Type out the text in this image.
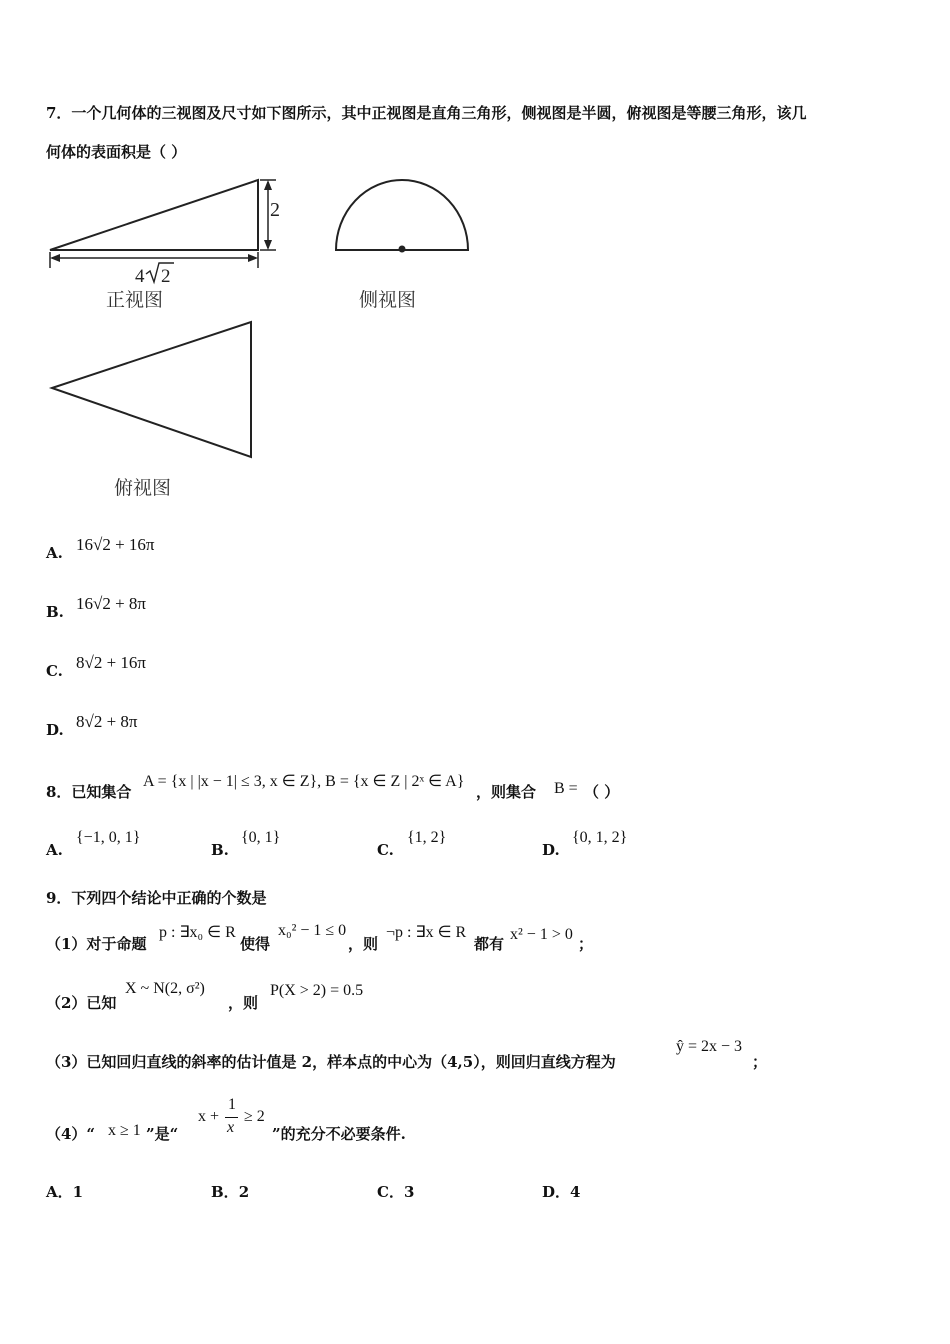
7．一个几何体的三视图及尺寸如下图所示，其中正视图是直角三角形，侧视图是半圆，俯视图是等腰三角形，该几
何体的表面积是（ ）
2
4 2
正视图	侧视图
俯视图
A. 16√2 + 16π
B. 16√2 + 8π
C. 8√2 + 16π
D. 8√2 + 8π
8．已知集合
A = {x | |x − 1| ≤ 3, x ∈ Z}, B = {x ∈ Z | 2ˣ ∈ A}
，则集合 B = （ ）
A.
{−1, 0, 1}
B.
{0, 1}
C.
{1, 2}
D.
{0, 1, 2}
9．下列四个结论中正确的个数是
（1）对于命题
p : ∃x₀ ∈ R
使得
x₀² − 1 ≤ 0
，则
¬p : ∃x ∈ R
都有
x² − 1 > 0
；
（2）已知
X ~ N(2, σ²)
，则
P(X > 2) = 0.5
（3）已知回归直线的斜率的估计值是 2，样本点的中心为（4,5），则回归直线方程为
ŷ = 2x − 3
；
（4）“ x ≥ 1 ”是“
x +
1
x
≥ 2
”的充分不必要条件.
A．1	B．2	C．3	D．4
